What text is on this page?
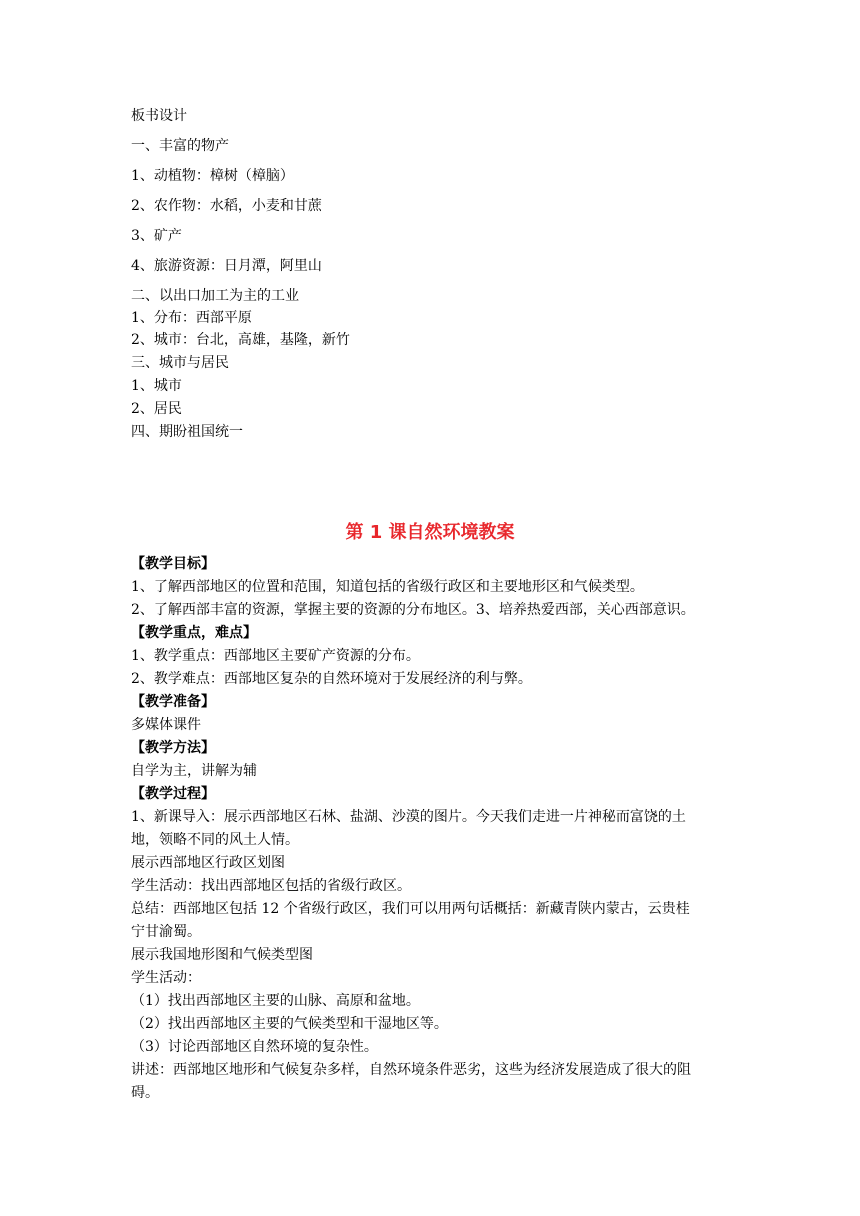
板书设计
一、丰富的物产
1、动植物：樟树（樟脑）
2、农作物：水稻，小麦和甘蔗
3、矿产
4、旅游资源：日月潭，阿里山
二、以出口加工为主的工业
1、分布：西部平原
2、城市：台北，高雄，基隆，新竹
三、城市与居民
1、城市
2、居民
四、期盼祖国统一
第 1 课自然环境教案
【教学目标】
1、了解西部地区的位置和范围，知道包括的省级行政区和主要地形区和气候类型。
2、了解西部丰富的资源，掌握主要的资源的分布地区。3、培养热爱西部，关心西部意识。
【教学重点，难点】
1、教学重点：西部地区主要矿产资源的分布。
2、教学难点：西部地区复杂的自然环境对于发展经济的利与弊。
【教学准备】
多媒体课件
【教学方法】
自学为主，讲解为辅
【教学过程】
1、新课导入：展示西部地区石林、盐湖、沙漠的图片。今天我们走进一片神秘而富饶的土
地，领略不同的风土人情。
展示西部地区行政区划图
学生活动：找出西部地区包括的省级行政区。
总结：西部地区包括 12 个省级行政区，我们可以用两句话概括：新藏青陕内蒙古，云贵桂
宁甘渝蜀。
展示我国地形图和气候类型图
学生活动：
（1）找出西部地区主要的山脉、高原和盆地。
（2）找出西部地区主要的气候类型和干湿地区等。
（3）讨论西部地区自然环境的复杂性。
讲述：西部地区地形和气候复杂多样，自然环境条件恶劣，这些为经济发展造成了很大的阻
碍。
